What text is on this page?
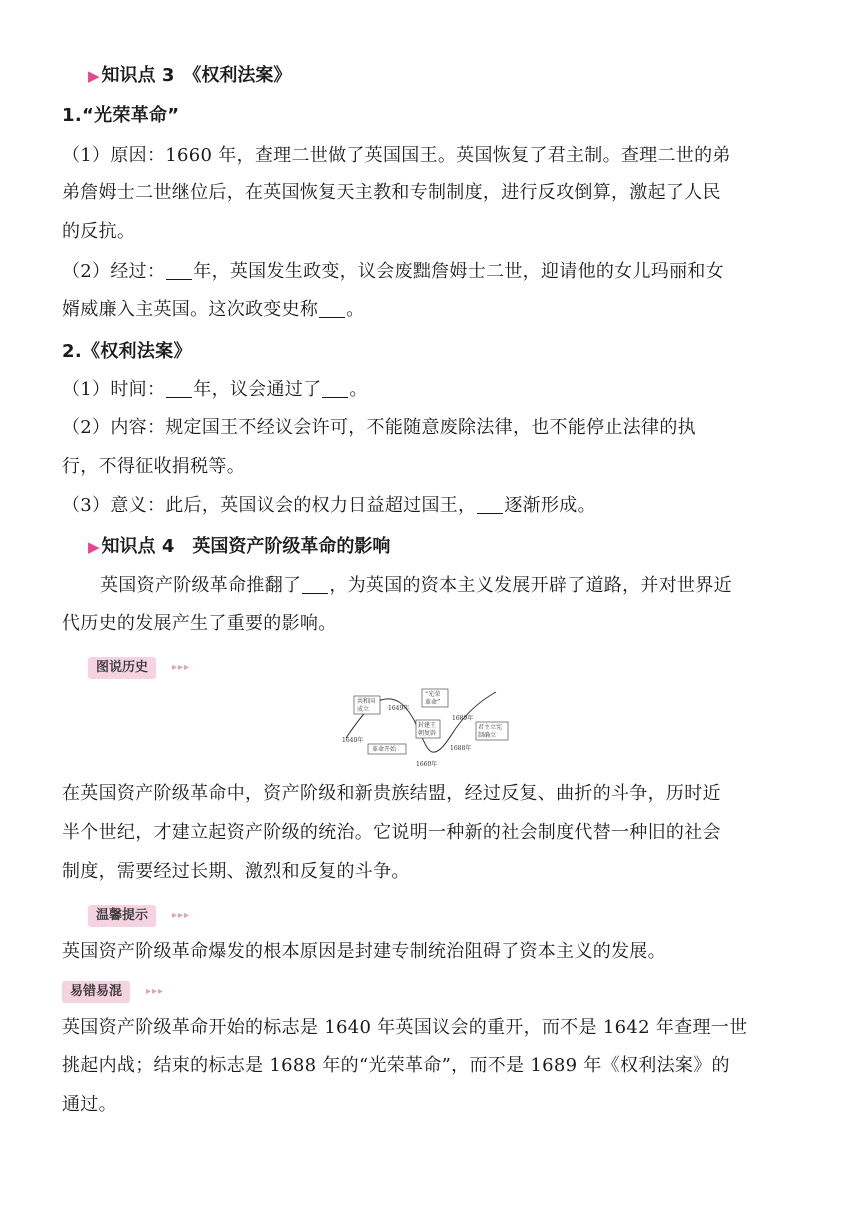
▶ 知识点 3　《权利法案》
1.“光荣革命”
（1）原因：1660 年，查理二世做了英国国王。英国恢复了君主制。查理二世的弟
弟詹姆士二世继位后，在英国恢复天主教和专制制度，进行反攻倒算，激起了人民
的反抗。
（2）经过： 年，英国发生政变，议会废黜詹姆士二世，迎请他的女儿玛丽和女
婿威廉入主英国。这次政变史称 。
2.《权利法案》
（1）时间： 年，议会通过了 。
（2）内容：规定国王不经议会许可，不能随意废除法律，也不能停止法律的执
行，不得征收捐税等。
（3）意义：此后，英国议会的权力日益超过国王， 逐渐形成。
▶ 知识点 4　英国资产阶级革命的影响
英国资产阶级革命推翻了 ，为英国的资本主义发展开辟了道路，并对世界近
代历史的发展产生了重要的影响。
图说历史	▸▸▸
共和国
成立	1649年
“光荣
革命”
1689年
封建王
朝复辟
君主立宪
制确立
1640年
革命开始
1660年
1688年
在英国资产阶级革命中，资产阶级和新贵族结盟，经过反复、曲折的斗争，历时近
半个世纪，才建立起资产阶级的统治。它说明一种新的社会制度代替一种旧的社会
制度，需要经过长期、激烈和反复的斗争。
温馨提示	▸▸▸
英国资产阶级革命爆发的根本原因是封建专制统治阻碍了资本主义的发展。
易错易混	▸▸▸
英国资产阶级革命开始的标志是 1640 年英国议会的重开，而不是 1642 年查理一世
挑起内战；结束的标志是 1688 年的“光荣革命”，而不是 1689 年《权利法案》的
通过。
